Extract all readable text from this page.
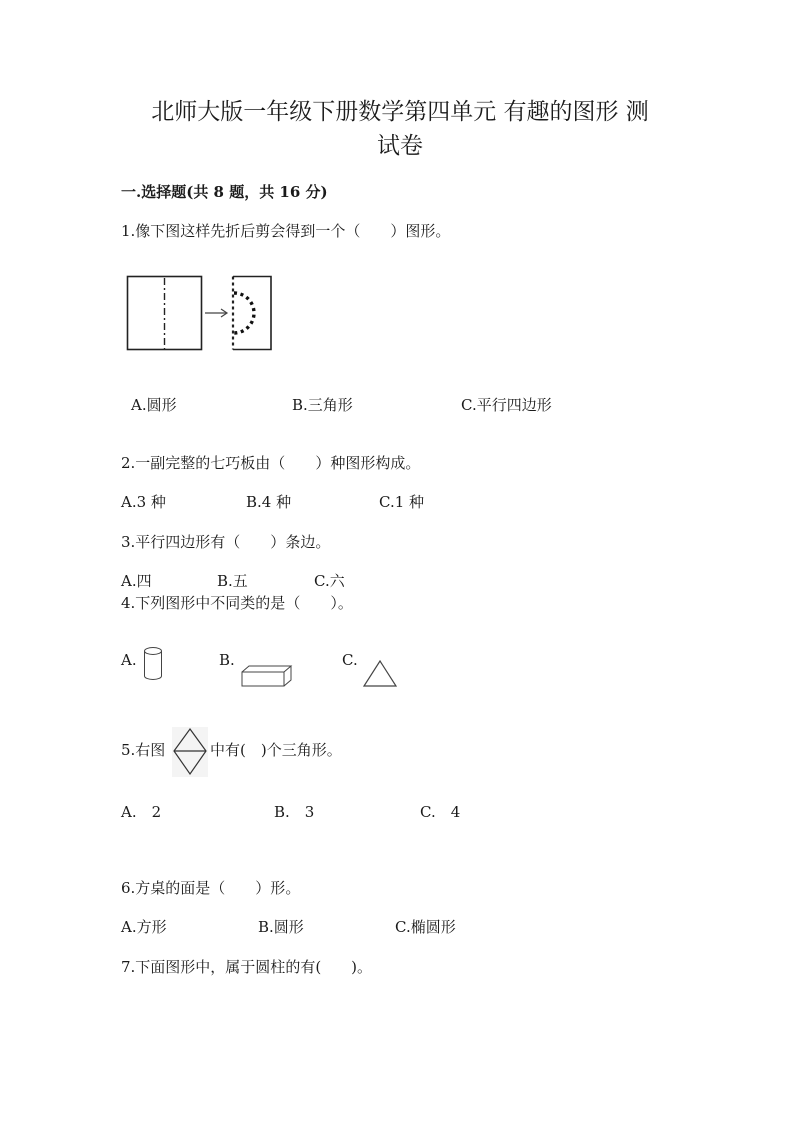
北师大版一年级下册数学第四单元 有趣的图形 测
试卷
一.选择题(共 8 题，共 16 分)
1.像下图这样先折后剪会得到一个（　　）图形。
A.圆形	B.三角形	C.平行四边形
2.一副完整的七巧板由（　　）种图形构成。
A.3 种	B.4 种	C.1 种
3.平行四边形有（　　）条边。
A.四	B.五	C.六
4.下列图形中不同类的是（　　）。
A.	B.	C.
5.右图	中有(　)个三角形。
A.　2	B.　3	C.　4
6.方桌的面是（　　）形。
A.方形	B.圆形	C.椭圆形
7.下面图形中，属于圆柱的有(　　)。
